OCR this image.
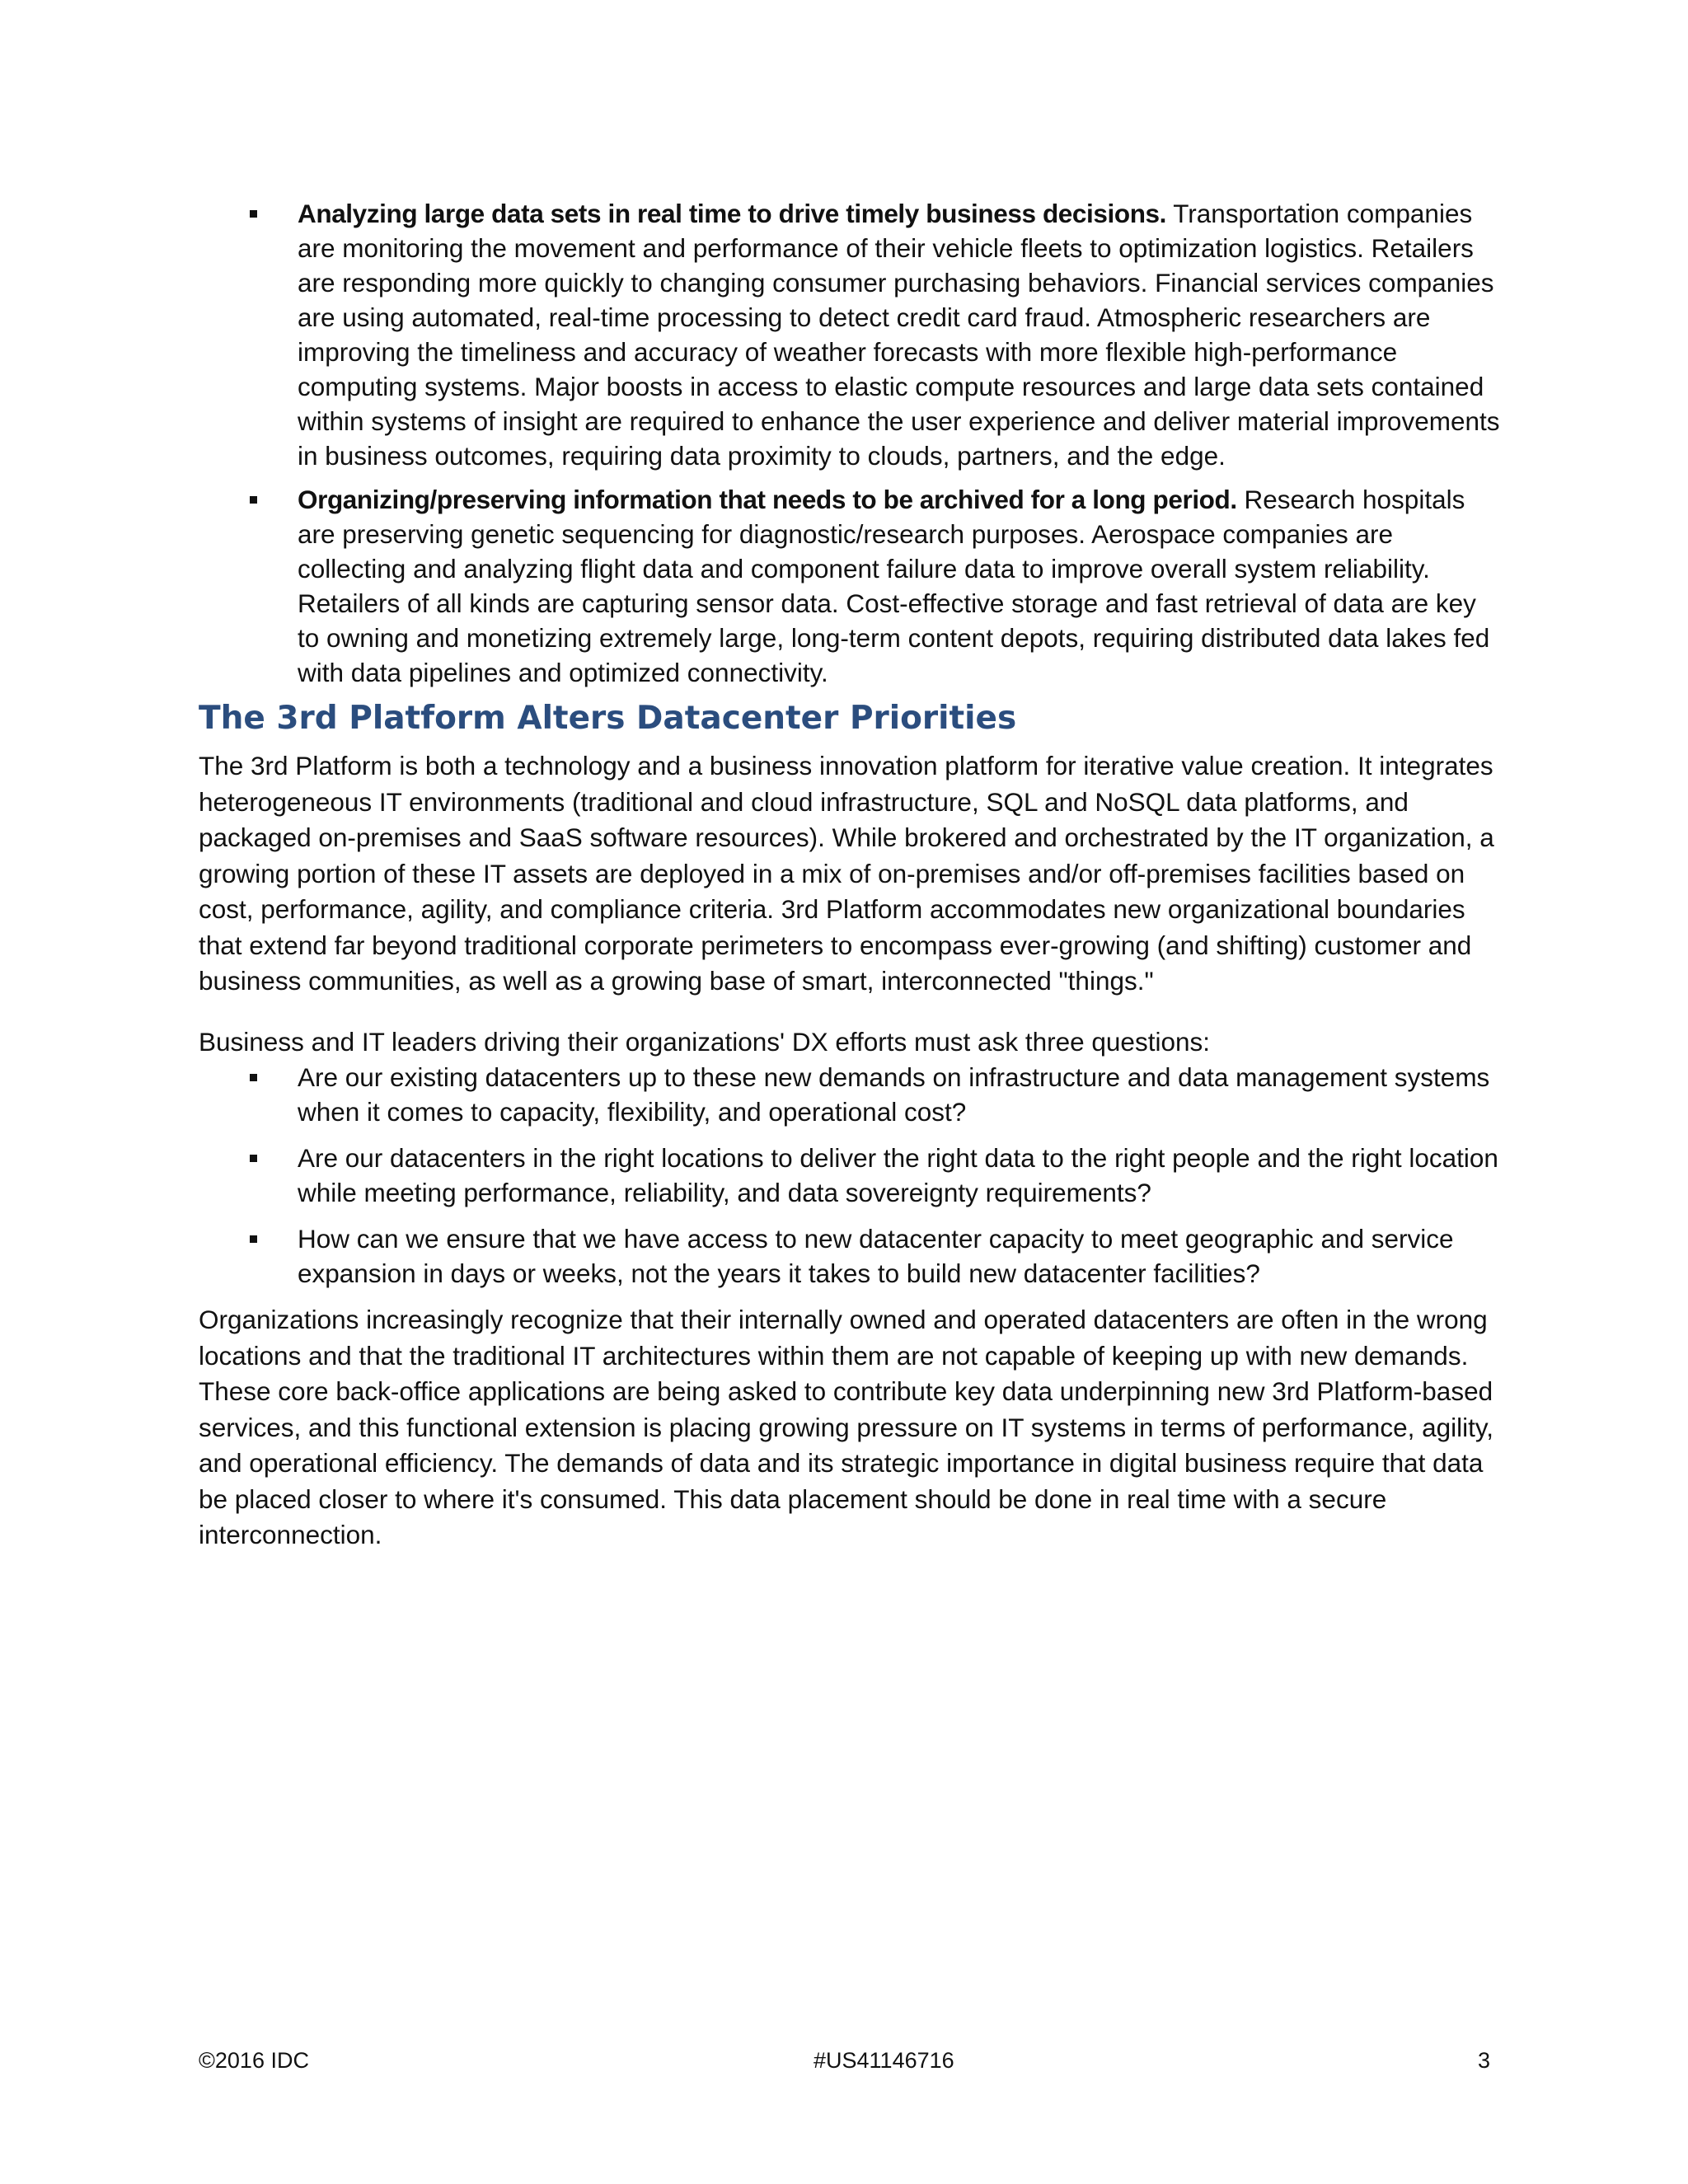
Analyzing large data sets in real time to drive timely business decisions. Transportation companies are monitoring the movement and performance of their vehicle fleets to optimization logistics. Retailers are responding more quickly to changing consumer purchasing behaviors. Financial services companies are using automated, real-time processing to detect credit card fraud. Atmospheric researchers are improving the timeliness and accuracy of weather forecasts with more flexible high-performance computing systems. Major boosts in access to elastic compute resources and large data sets contained within systems of insight are required to enhance the user experience and deliver material improvements in business outcomes, requiring data proximity to clouds, partners, and the edge.
Organizing/preserving information that needs to be archived for a long period. Research hospitals are preserving genetic sequencing for diagnostic/research purposes. Aerospace companies are collecting and analyzing flight data and component failure data to improve overall system reliability. Retailers of all kinds are capturing sensor data. Cost-effective storage and fast retrieval of data are key to owning and monetizing extremely large, long-term content depots, requiring distributed data lakes fed with data pipelines and optimized connectivity.
The 3rd Platform Alters Datacenter Priorities

The 3rd Platform is both a technology and a business innovation platform for iterative value creation. It integrates heterogeneous IT environments (traditional and cloud infrastructure, SQL and NoSQL data platforms, and packaged on-premises and SaaS software resources). While brokered and orchestrated by the IT organization, a growing portion of these IT assets are deployed in a mix of on-premises and/or off-premises facilities based on cost, performance, agility, and compliance criteria. 3rd Platform accommodates new organizational boundaries that extend far beyond traditional corporate perimeters to encompass ever-growing (and shifting) customer and business communities, as well as a growing base of smart, interconnected "things."

Business and IT leaders driving their organizations' DX efforts must ask three questions:

Are our existing datacenters up to these new demands on infrastructure and data management systems when it comes to capacity, flexibility, and operational cost?
Are our datacenters in the right locations to deliver the right data to the right people and the right location while meeting performance, reliability, and data sovereignty requirements?
How can we ensure that we have access to new datacenter capacity to meet geographic and service expansion in days or weeks, not the years it takes to build new datacenter facilities?

Organizations increasingly recognize that their internally owned and operated datacenters are often in the wrong locations and that the traditional IT architectures within them are not capable of keeping up with new demands. These core back-office applications are being asked to contribute key data underpinning new 3rd Platform-based services, and this functional extension is placing growing pressure on IT systems in terms of performance, agility, and operational efficiency. The demands of data and its strategic importance in digital business require that data be placed closer to where it's consumed. This data placement should be done in real time with a secure interconnection.

©2016 IDC	#US41146716	3
